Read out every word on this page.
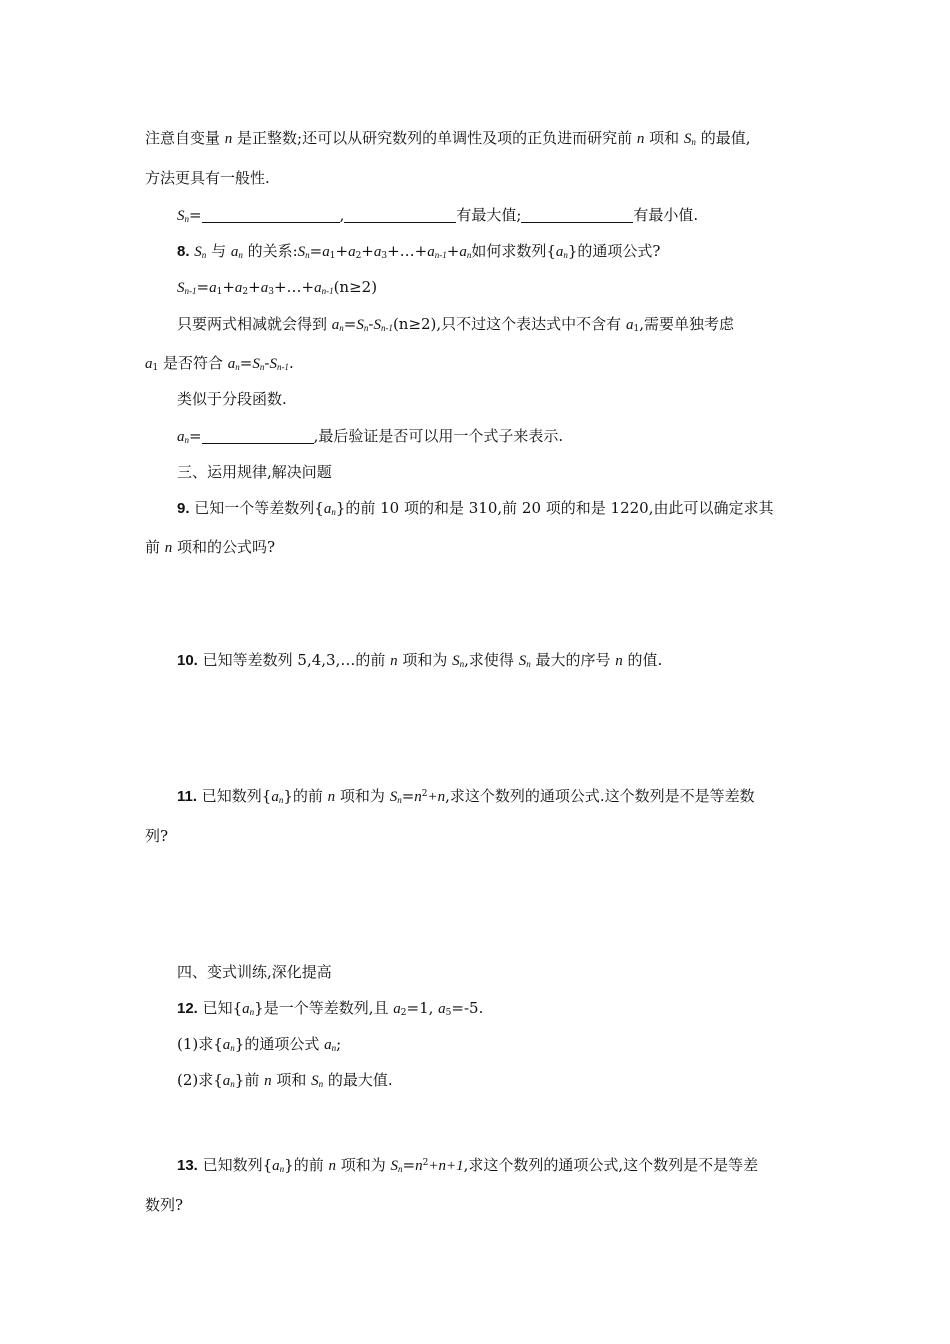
注意自变量 n 是正整数;还可以从研究数列的单调性及项的正负进而研究前 n 项和 $S_n$ 的最值,
方法更具有一般性.
$S_n=$	,	有最大值;	有最小值.
8. $S_n$ 与 $a_n$ 的关系$:S_n=a_1+a_2+a_3+\dots+a_{n-1}+a_n$如何求数列$\{a_n\}$的通项公式?
$S_{n-1}=a_1+a_2+a_3+\dots+a_{n-1}(n\ge 2)$
只要两式相减就会得到 $a_n=S_n-S_{n-1}(n\ge 2)$,只不过这个表达式中不含有 $a_1$,需要单独考虑
$a_1$ 是否符合 $a_n=S_n-S_{n-1}$.
类似于分段函数.
$a_n=$	,最后验证是否可以用一个式子来表示.
三、运用规律,解决问题
9. 已知一个等差数列$\{a_n\}$的前 10 项的和是 310,前 20 项的和是 1220,由此可以确定求其
前 n 项和的公式吗?
10. 已知等差数列 5,4,3,…的前 n 项和为 $S_n$,求使得 $S_n$ 最大的序号 n 的值.
11. 已知数列$\{a_n\}$的前 n 项和为 $S_n=n^2+n$,求这个数列的通项公式.这个数列是不是等差数
列?
四、变式训练,深化提高
12. 已知$\{a_n\}$是一个等差数列,且 $a_2=1$, $a_5=-5$.
(1)求$\{a_n\}$的通项公式 $a_n$;
(2)求$\{a_n\}$前 n 项和 $S_n$ 的最大值.
13. 已知数列$\{a_n\}$的前 n 项和为 $S_n=n^2+n+1$,求这个数列的通项公式,这个数列是不是等差
数列?
